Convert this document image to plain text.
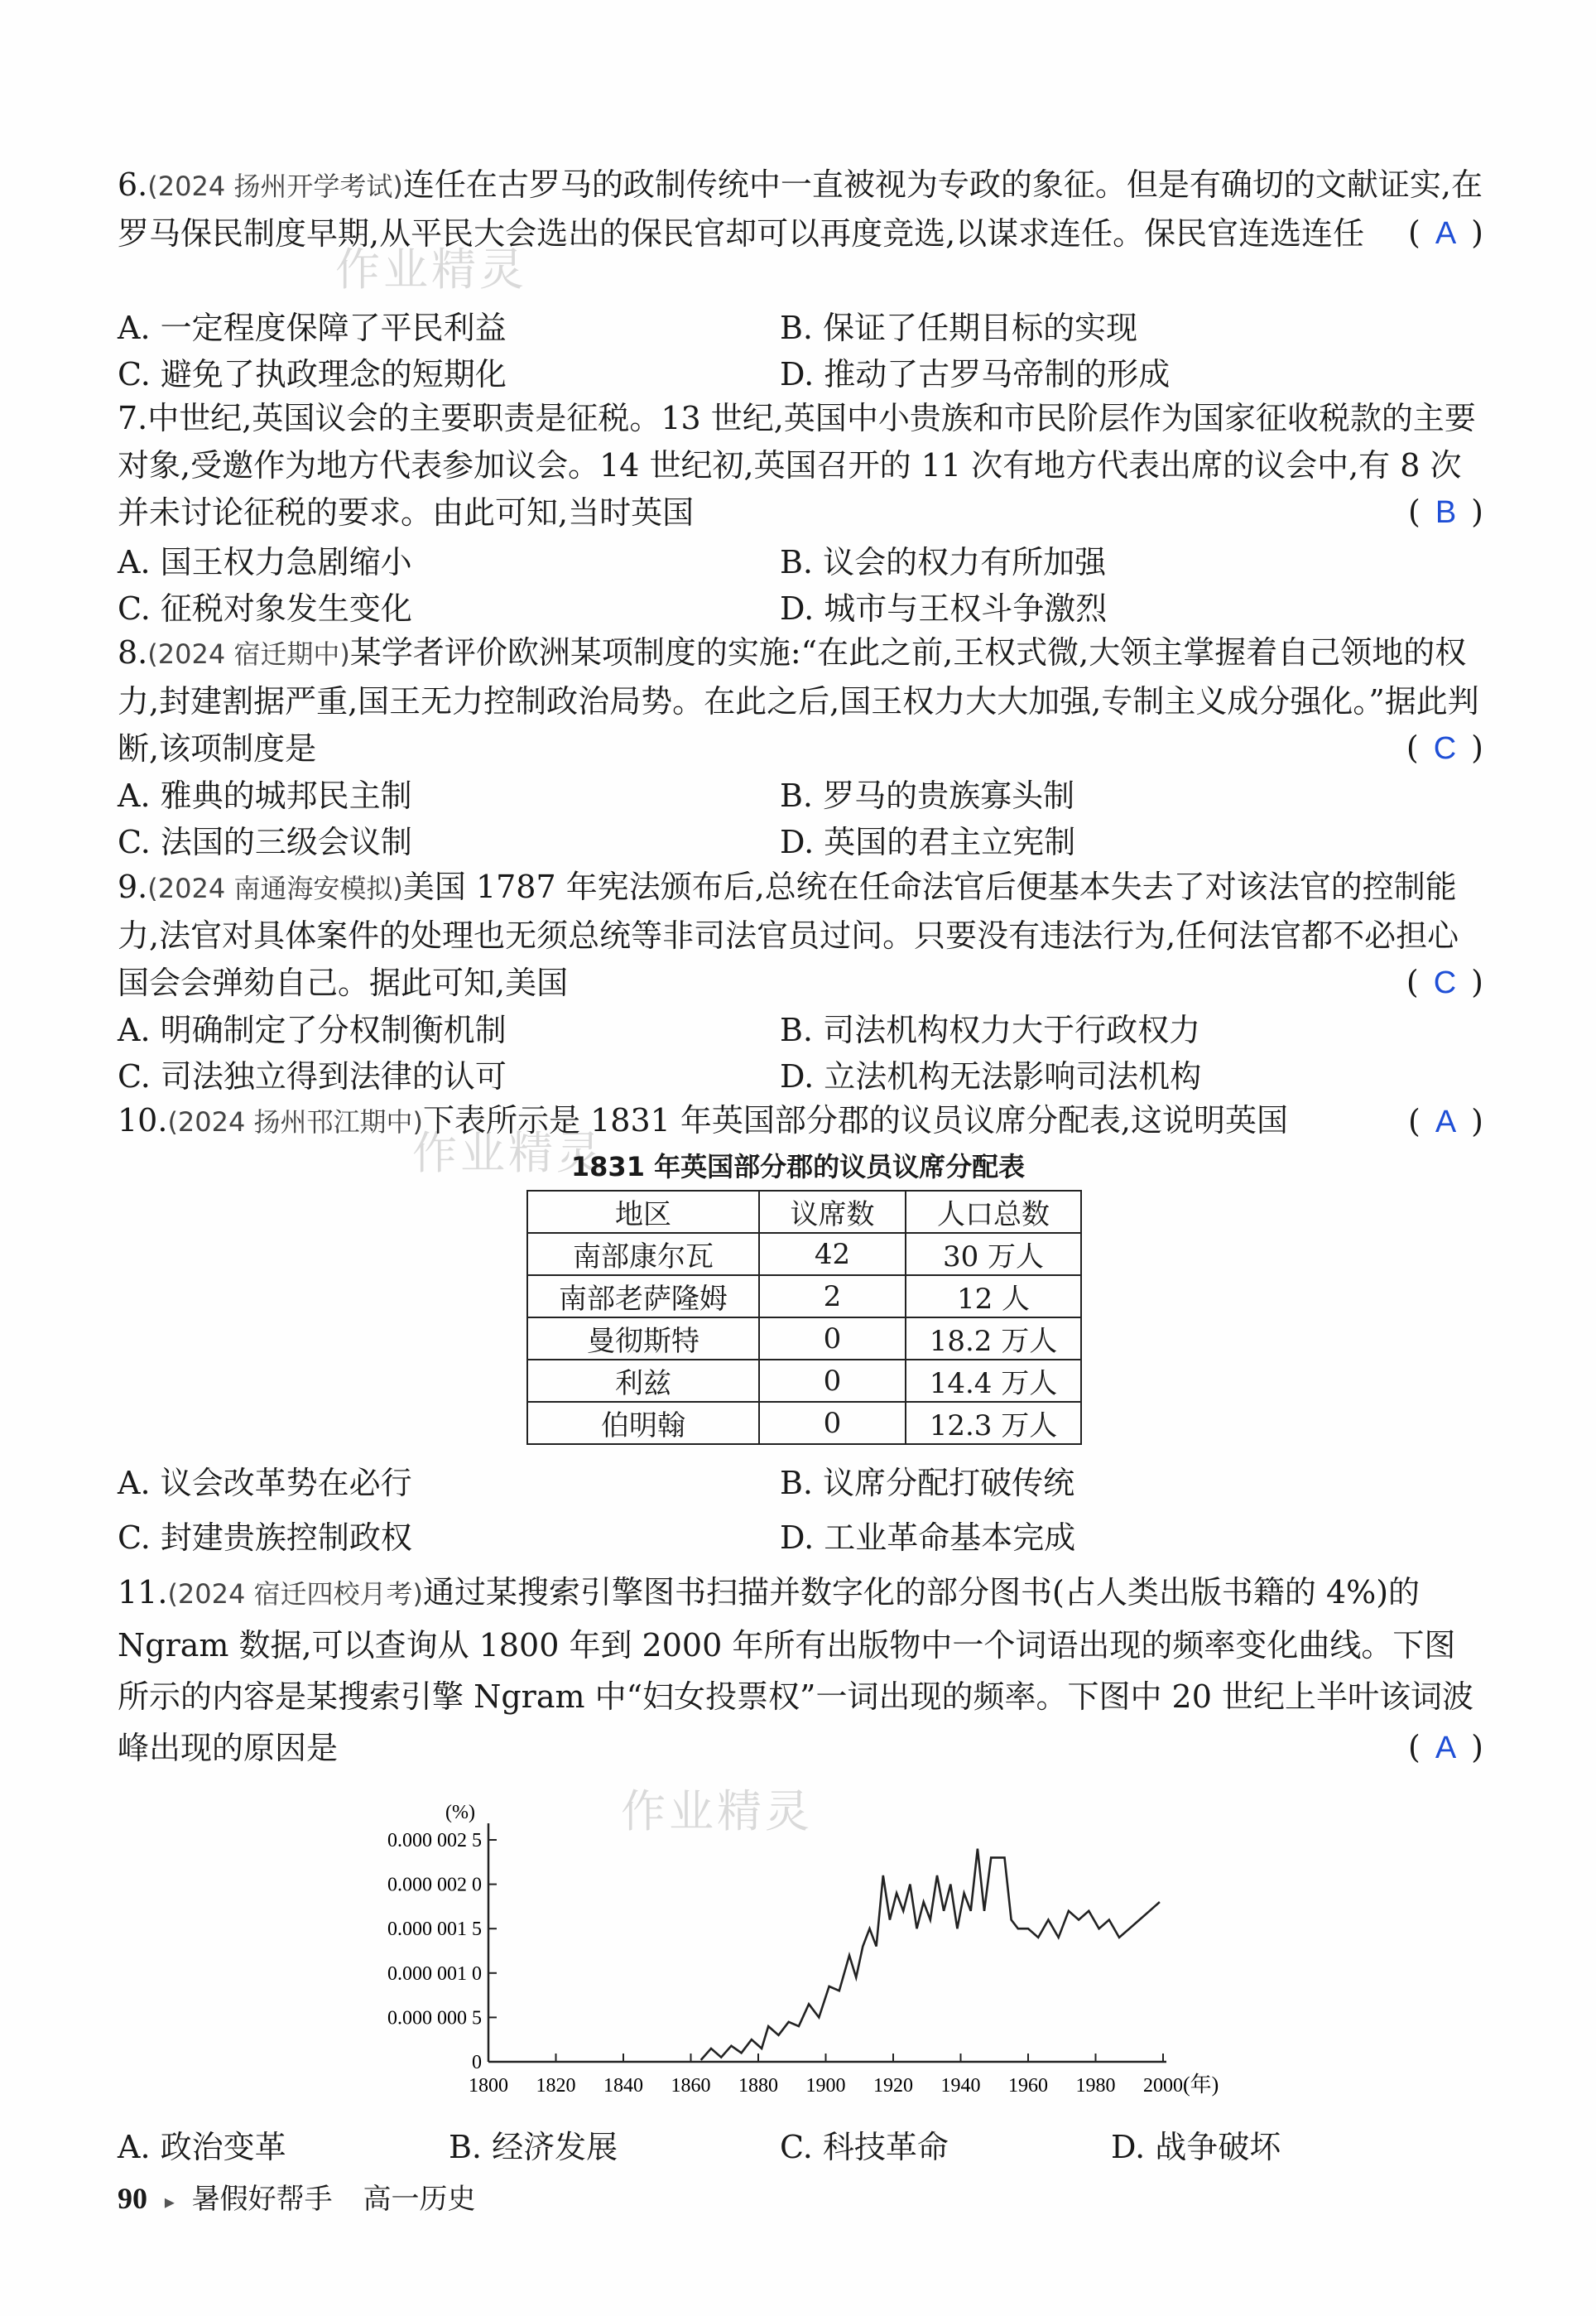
作业精灵
作业精灵
作业精灵
6.(2024 扬州开学考试)连任在古罗马的政制传统中一直被视为专政的象征。但是有确切的文献证实,在罗马保民制度早期,从平民大会选出的保民官却可以再度竞选,以谋求连任。保民官连选连任	( A )
A. 一定程度保障了平民利益	B. 保证了任期目标的实现
C. 避免了执政理念的短期化	D. 推动了古罗马帝制的形成
7.中世纪,英国议会的主要职责是征税。13 世纪,英国中小贵族和市民阶层作为国家征收税款的主要对象,受邀作为地方代表参加议会。14 世纪初,英国召开的 11 次有地方代表出席的议会中,有 8 次并未讨论征税的要求。由此可知,当时英国	( B )
A. 国王权力急剧缩小	B. 议会的权力有所加强
C. 征税对象发生变化	D. 城市与王权斗争激烈
8.(2024 宿迁期中)某学者评价欧洲某项制度的实施:“在此之前,王权式微,大领主掌握着自己领地的权力,封建割据严重,国王无力控制政治局势。在此之后,国王权力大大加强,专制主义成分强化。”据此判断,该项制度是	( C )
A. 雅典的城邦民主制	B. 罗马的贵族寡头制
C. 法国的三级会议制	D. 英国的君主立宪制
9.(2024 南通海安模拟)美国 1787 年宪法颁布后,总统在任命法官后便基本失去了对该法官的控制能力,法官对具体案件的处理也无须总统等非司法官员过问。只要没有违法行为,任何法官都不必担心国会会弹劾自己。据此可知,美国	( C )
A. 明确制定了分权制衡机制	B. 司法机构权力大于行政权力
C. 司法独立得到法律的认可	D. 立法机构无法影响司法机构
10.(2024 扬州邗江期中)下表所示是 1831 年英国部分郡的议员议席分配表,这说明英国	( A )
1831 年英国部分郡的议员议席分配表
地区	议席数	人口总数
南部康尔瓦	42	30 万人
南部老萨隆姆	2	12 人
曼彻斯特	0	18.2 万人
利兹	0	14.4 万人
伯明翰	0	12.3 万人
A. 议会改革势在必行	B. 议席分配打破传统
C. 封建贵族控制政权	D. 工业革命基本完成
11.(2024 宿迁四校月考)通过某搜索引擎图书扫描并数字化的部分图书(占人类出版书籍的 4%)的 Ngram 数据,可以查询从 1800 年到 2000 年所有出版物中一个词语出现的频率变化曲线。下图所示的内容是某搜索引擎 Ngram 中“妇女投票权”一词出现的频率。下图中 20 世纪上半叶该词波峰出现的原因是	( A )
0
0.000 000 5
0.000 001 0
0.000 001 5
0.000 002 0
0.000 002 5
1800 1820 1840 1860 1880 1900 1920 1940 1960 1980 2000
(%)
(年)
A. 政治变革	B. 经济发展	C. 科技革命	D. 战争破坏
90 ▸ 暑假好帮手 高一历史
